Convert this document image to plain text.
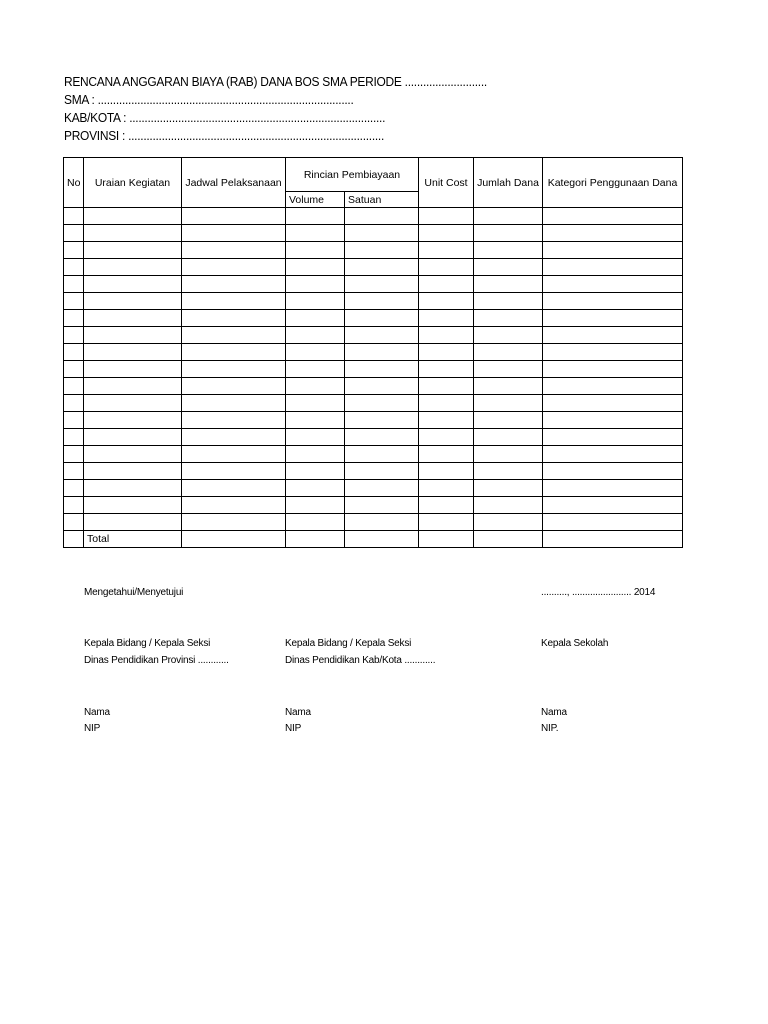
RENCANA ANGGARAN BIAYA (RAB) DANA BOS SMA PERIODE ...........................
SMA : ....................................................................................
KAB/KOTA : ....................................................................................
PROVINSI : ....................................................................................
No	Uraian Kegiatan	Jadwal Pelaksanaan	Rincian Pembiayaan		Unit Cost	Jumlah Dana	Kategori Penggunaan Dana
			Volume	Satuan			

	Total						
Mengetahui/Menyetujui	.........., ....................... 2014
Kepala Bidang / Kepala Seksi
Dinas Pendidikan Provinsi ............
Nama
NIP
Kepala Bidang / Kepala Seksi
Dinas Pendidikan Kab/Kota ............
Nama
NIP
Kepala Sekolah
Nama
NIP.
